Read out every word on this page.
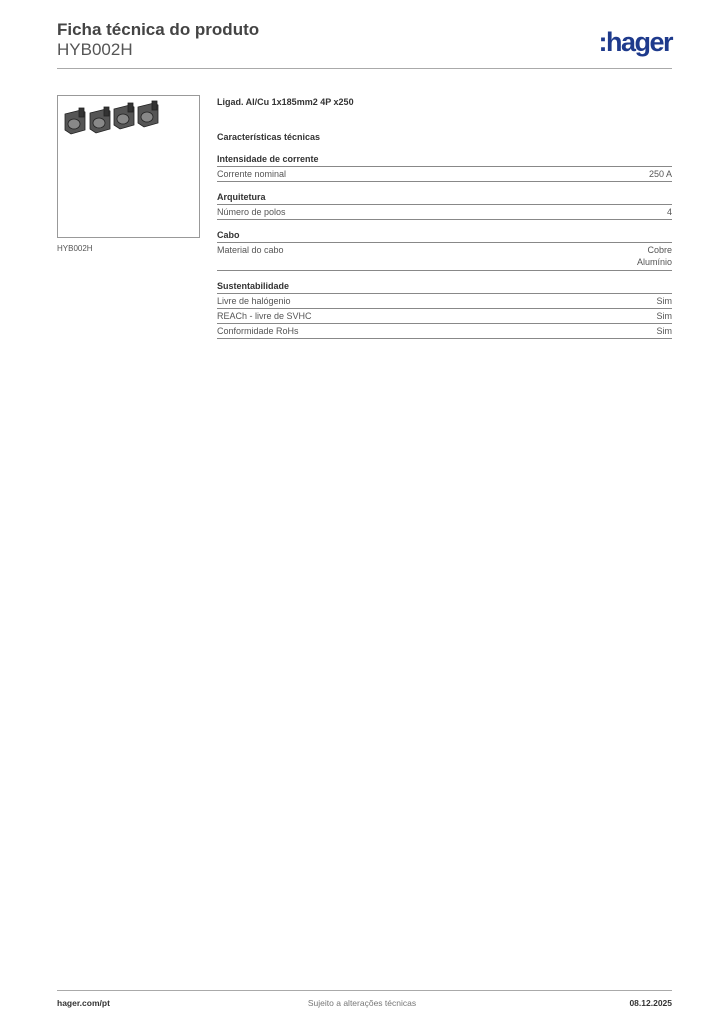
Ficha técnica do produto
HYB002H	:hager
HYB002H
Ligad. Al/Cu 1x185mm2 4P x250
Características técnicas
Intensidade de corrente
Corrente nominal	250 A
Arquitetura
Número de polos	4
Cabo
Material do cabo	Cobre
Alumínio
Sustentabilidade
Livre de halógenio	Sim
REACh - livre de SVHC	Sim
Conformidade RoHs	Sim
hager.com/pt	Sujeito a alterações técnicas	08.12.2025
